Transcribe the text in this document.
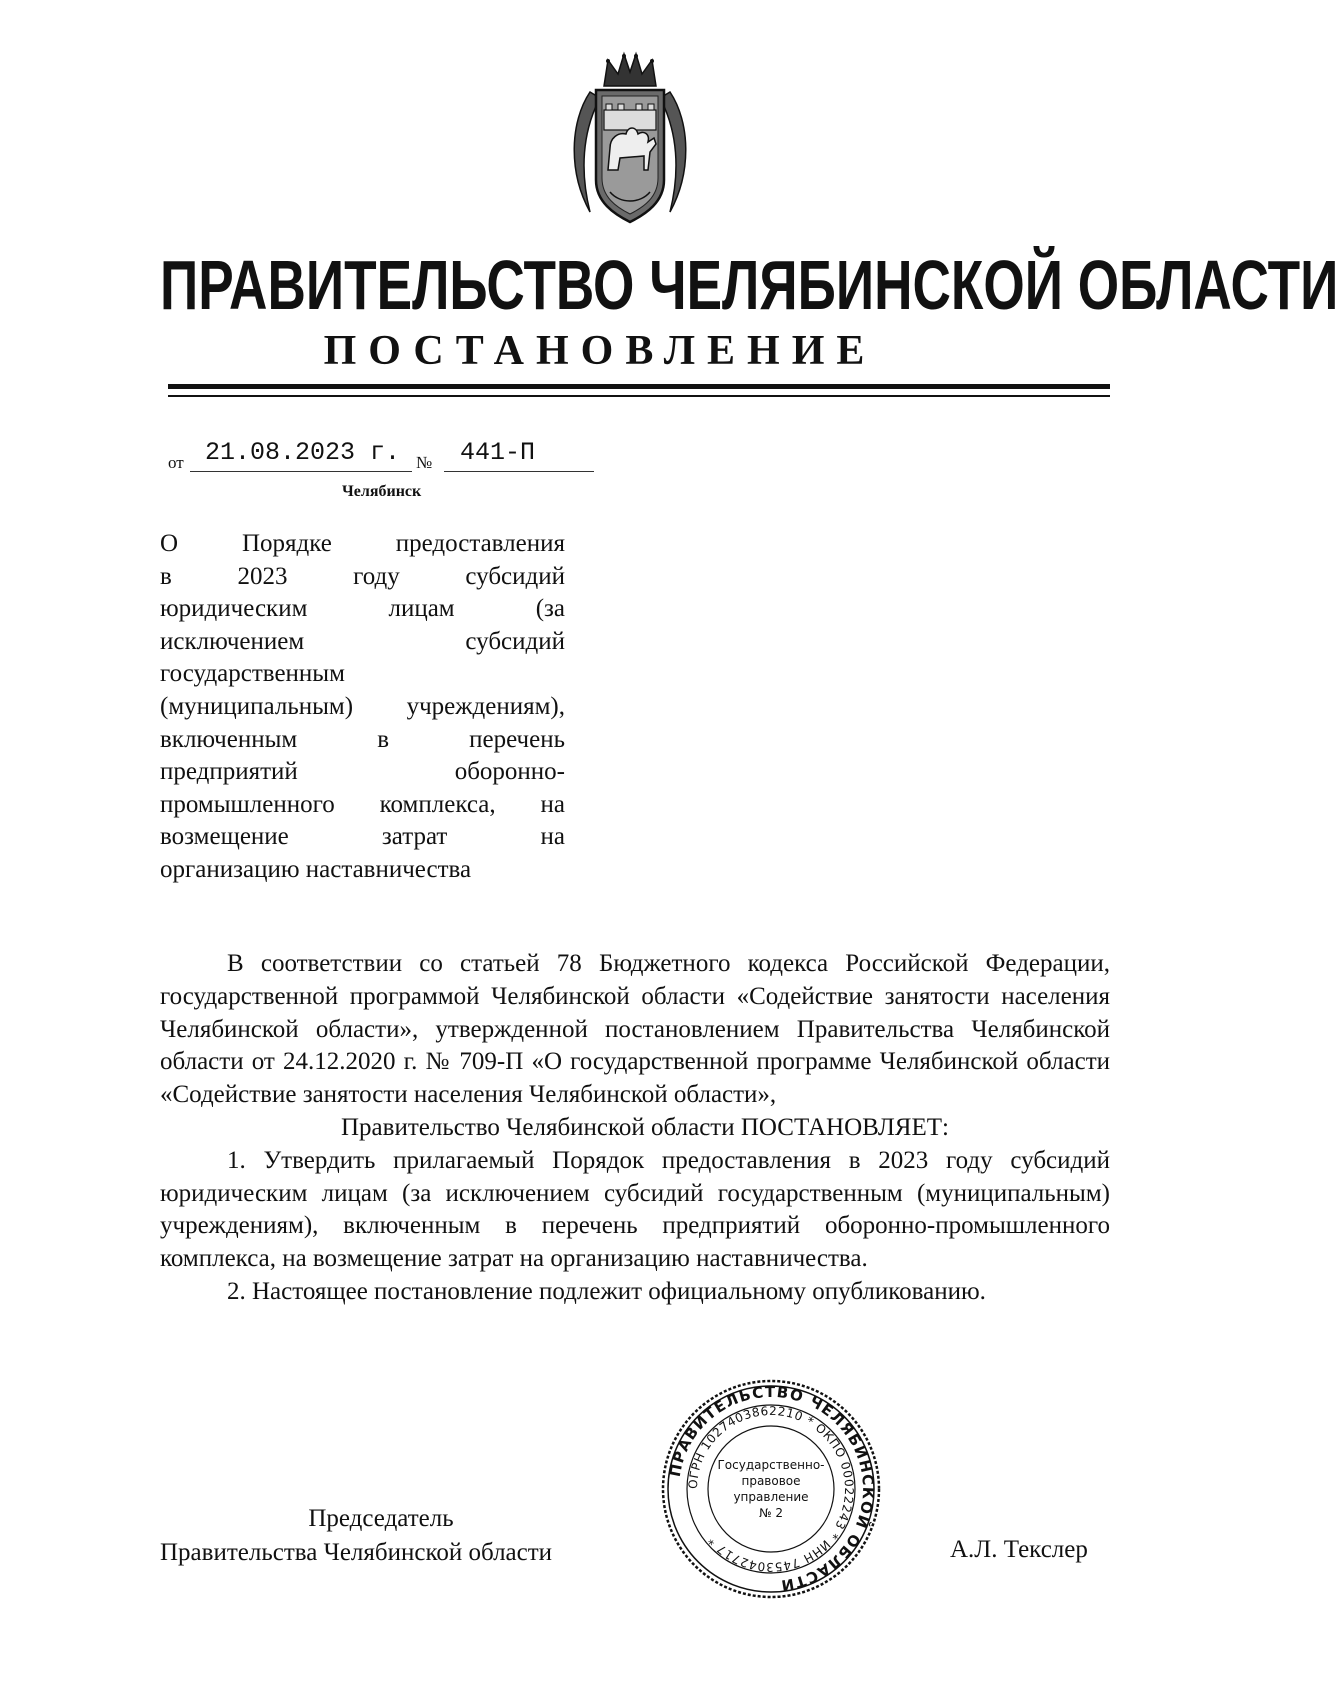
ПРАВИТЕЛЬСТВО ЧЕЛЯБИНСКОЙ ОБЛАСТИ
ПОСТАНОВЛЕНИЕ
от 21.08.2023 г. № 441-П
Челябинск
О Порядке предоставления
в 2023 году субсидий
юридическим лицам (за
исключением субсидий
государственным
(муниципальным) учреждениям),
включенным в перечень
предприятий оборонно-
промышленного комплекса, на
возмещение затрат на
организацию наставничества

В соответствии со статьей 78 Бюджетного кодекса Российской Федерации, государственной программой Челябинской области «Содействие занятости населения Челябинской области», утвержденной постановлением Правительства Челябинской области от 24.12.2020 г. № 709-П «О государственной программе Челябинской области «Содействие занятости населения Челябинской области»,

Правительство Челябинской области ПОСТАНОВЛЯЕТ:

1. Утвердить прилагаемый Порядок предоставления в 2023 году субсидий юридическим лицам (за исключением субсидий государственным (муниципальным) учреждениям), включенным в перечень предприятий оборонно-промышленного комплекса, на возмещение затрат на организацию наставничества.

2. Настоящее постановление подлежит официальному опубликованию.

ПРАВИТЕЛЬСТВО ЧЕЛЯБИНСКОЙ ОБЛАСТИ
ОГРН 1027403862210 * ОКПО 00022243 * ИНН 7453042717 *
Государственно-
правовое
управление
№ 2
Председатель
Правительства Челябинской области	А.Л. Текслер
